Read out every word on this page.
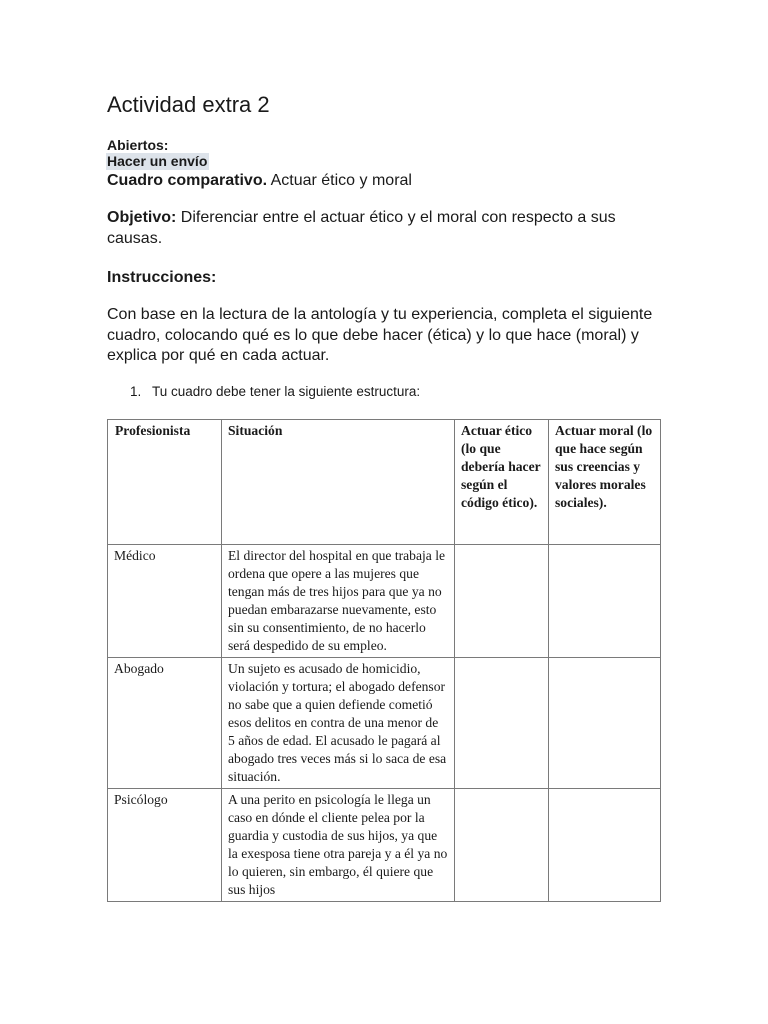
Actividad extra 2
Abiertos:
Hacer un envío

Cuadro comparativo. Actuar ético y moral

Objetivo: Diferenciar entre el actuar ético y el moral con respecto a sus causas.

Instrucciones:

Con base en la lectura de la antología y tu experiencia, completa el siguiente cuadro, colocando qué es lo que debe hacer (ética) y lo que hace (moral) y explica por qué en cada actuar.

1. Tu cuadro debe tener la siguiente estructura:
Profesionista	Situación	Actuar ético (lo que debería hacer según el código ético).	Actuar moral (lo que hace según sus creencias y valores morales sociales).
Médico	El director del hospital en que trabaja le ordena que opere a las mujeres que tengan más de tres hijos para que ya no puedan embarazarse nuevamente, esto sin su consentimiento, de no hacerlo será despedido de su empleo.		
Abogado	Un sujeto es acusado de homicidio, violación y tortura; el abogado defensor no sabe que a quien defiende cometió esos delitos en contra de una menor de 5 años de edad. El acusado le pagará al abogado tres veces más si lo saca de esa situación.		
Psicólogo	A una perito en psicología le llega un caso en dónde el cliente pelea por la guardia y custodia de sus hijos, ya que la exesposa tiene otra pareja y a él ya no lo quieren, sin embargo, él quiere que sus hijos		
